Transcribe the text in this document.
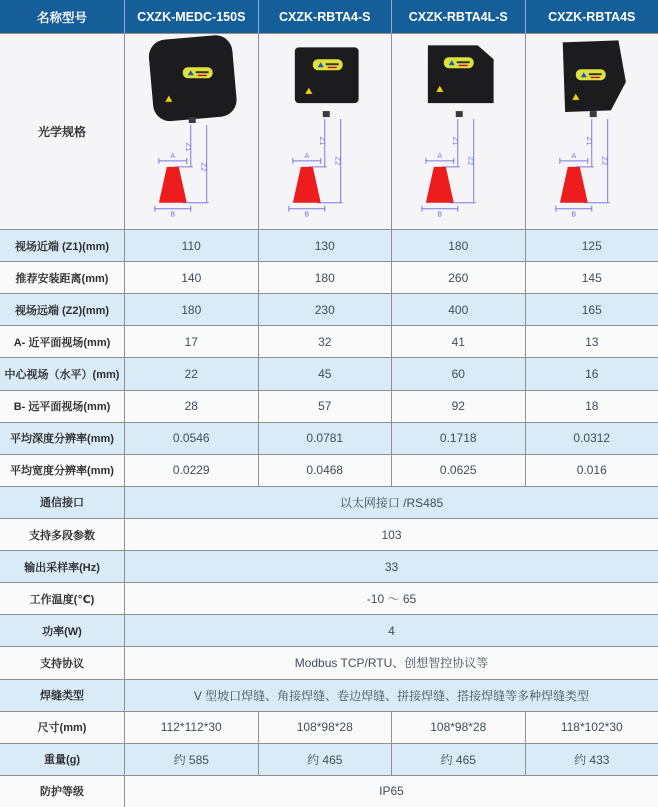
名称型号	CXZK-MEDC-150S	CXZK-RBTA4-S	CXZK-RBTA4L-S	CXZK-RBTA4S
光学规格
Z1
Z2
A
B
Z1
Z2
A
B
Z1
Z2
A
B
Z1
Z2
A
B
视场近端 (Z1)(mm)	110	130	180	125
推荐安装距离(mm)	140	180	260	145
视场远端 (Z2)(mm)	180	230	400	165
A- 近平面视场(mm)	17	32	41	13
中心视场（水平）(mm)	22	45	60	16
B- 远平面视场(mm)	28	57	92	18
平均深度分辨率(mm)	0.0546	0.0781	0.1718	0.0312
平均宽度分辨率(mm)	0.0229	0.0468	0.0625	0.016
通信接口	以太网接口 /RS485
支持多段参数	103
输出采样率(Hz)	33
工作温度(℃)	-10 ～ 65
功率(W)	4
支持协议	Modbus TCP/RTU、创想智控协议等
焊缝类型	V 型坡口焊缝、角接焊缝、卷边焊缝、拼接焊缝、搭接焊缝等多种焊缝类型
尺寸(mm)	112*112*30	108*98*28	108*98*28	118*102*30
重量(g)	约 585	约 465	约 465	约 433
防护等级	IP65
